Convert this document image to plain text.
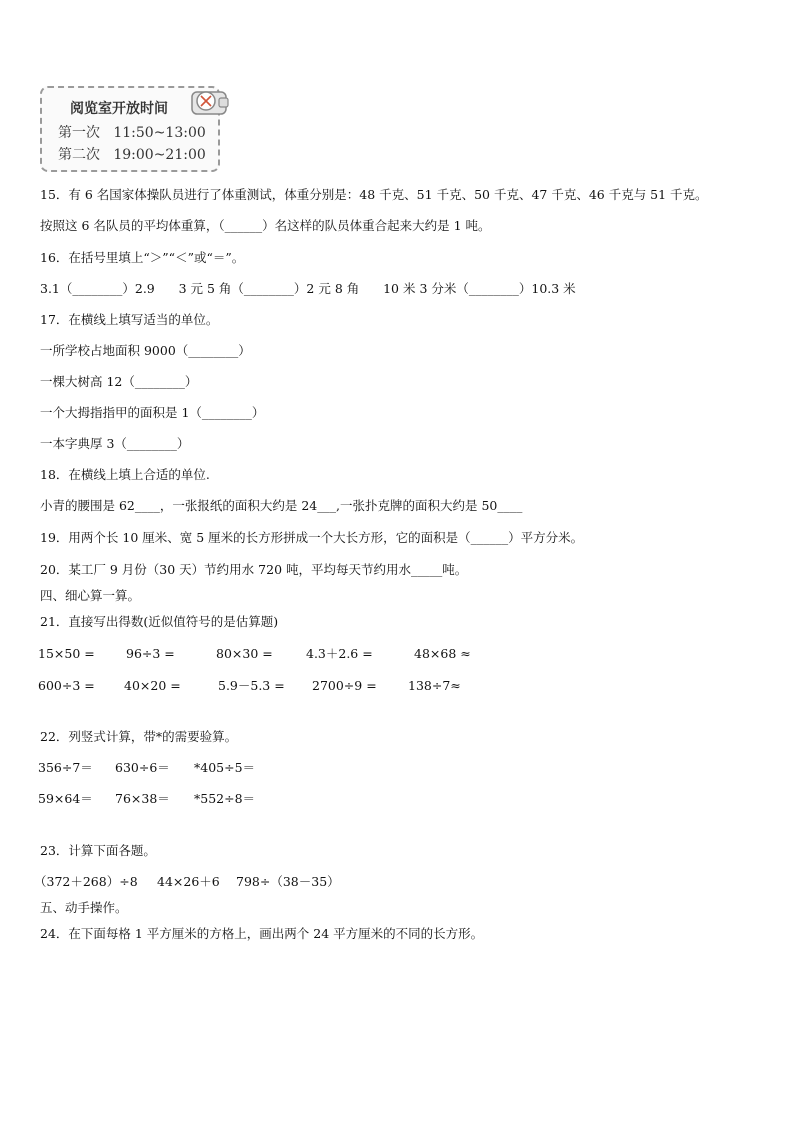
阅览室开放时间
第一次   11:50~13:00
第二次   19:00~21:00
15．有 6 名国家体操队员进行了体重测试，体重分别是：48 千克、51 千克、50 千克、47 千克、46 千克与 51 千克。
按照这 6 名队员的平均体重算，（______）名这样的队员体重合起来大约是 1 吨。
16．在括号里填上“＞”“＜”或“＝”。
3.1（________）2.9      3 元 5 角（________）2 元 8 角      10 米 3 分米（________）10.3 米
17．在横线上填写适当的单位。
一所学校占地面积 9000（________）
一棵大树高 12（________）
一个大拇指指甲的面积是 1（________）
一本字典厚 3（________）
18．在横线上填上合适的单位.
小青的腰围是 62____，一张报纸的面积大约是 24___,一张扑克牌的面积大约是 50____
19．用两个长 10 厘米、宽 5 厘米的长方形拼成一个大长方形，它的面积是（______）平方分米。
20．某工厂 9 月份（30 天）节约用水 720 吨，平均每天节约用水_____吨。
四、细心算一算。
21．直接写出得数(近似值符号的是估算题)
15×50 =	96÷3 =	80×30 =	4.3＋2.6 =	48×68 ≈
600÷3 = 40×20 =	5.9－5.3 = 2700÷9 =	138÷7≈
22．列竖式计算，带*的需要验算。
356÷7＝ 630÷6＝ *405÷5＝
59×64＝ 76×38＝ *552÷8＝
23．计算下面各题。
（372＋268）÷8 44×26＋6 798÷（38－35）
五、动手操作。
24．在下面每格 1 平方厘米的方格上，画出两个 24 平方厘米的不同的长方形。
